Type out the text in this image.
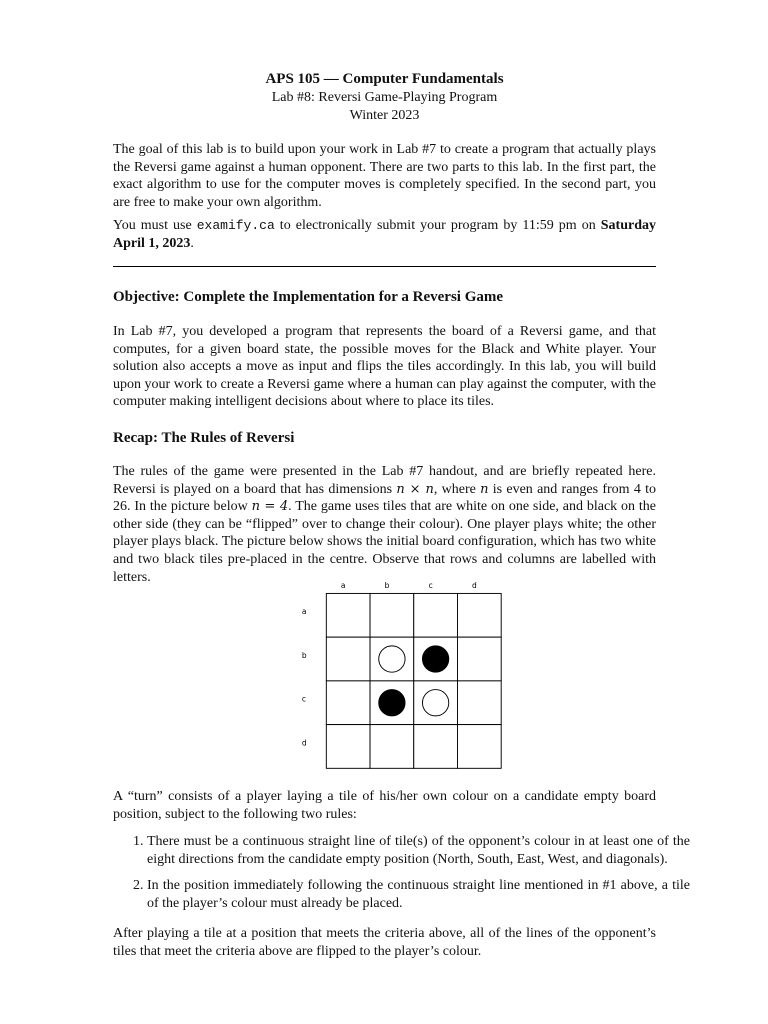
APS 105 — Computer Fundamentals
Lab #8: Reversi Game-Playing Program
Winter 2023

The goal of this lab is to build upon your work in Lab #7 to create a program that actually plays the Reversi game against a human opponent. There are two parts to this lab. In the first part, the exact algorithm to use for the computer moves is completely specified. In the second part, you are free to make your own algorithm.

You must use examify.ca to electronically submit your program by 11:59 pm on Saturday April 1, 2023.

Objective: Complete the Implementation for a Reversi Game

In Lab #7, you developed a program that represents the board of a Reversi game, and that computes, for a given board state, the possible moves for the Black and White player. Your solution also accepts a move as input and flips the tiles accordingly. In this lab, you will build upon your work to create a Reversi game where a human can play against the computer, with the computer making intelligent decisions about where to place its tiles.

Recap: The Rules of Reversi

The rules of the game were presented in the Lab #7 handout, and are briefly repeated here. Reversi is played on a board that has dimensions n × n, where n is even and ranges from 4 to 26. In the picture below n = 4. The game uses tiles that are white on one side, and black on the other side (they can be “flipped” over to change their colour). One player plays white; the other player plays black. The picture below shows the initial board configuration, which has two white and two black tiles pre-placed in the centre. Observe that rows and columns are labelled with letters.

a	b	c	d
a
b
c
d

A “turn” consists of a player laying a tile of his/her own colour on a candidate empty board position, subject to the following two rules:

1. There must be a continuous straight line of tile(s) of the opponent’s colour in at least one of the eight directions from the candidate empty position (North, South, East, West, and diagonals).
2. In the position immediately following the continuous straight line mentioned in #1 above, a tile of the player’s colour must already be placed.

After playing a tile at a position that meets the criteria above, all of the lines of the opponent’s tiles that meet the criteria above are flipped to the player’s colour.
